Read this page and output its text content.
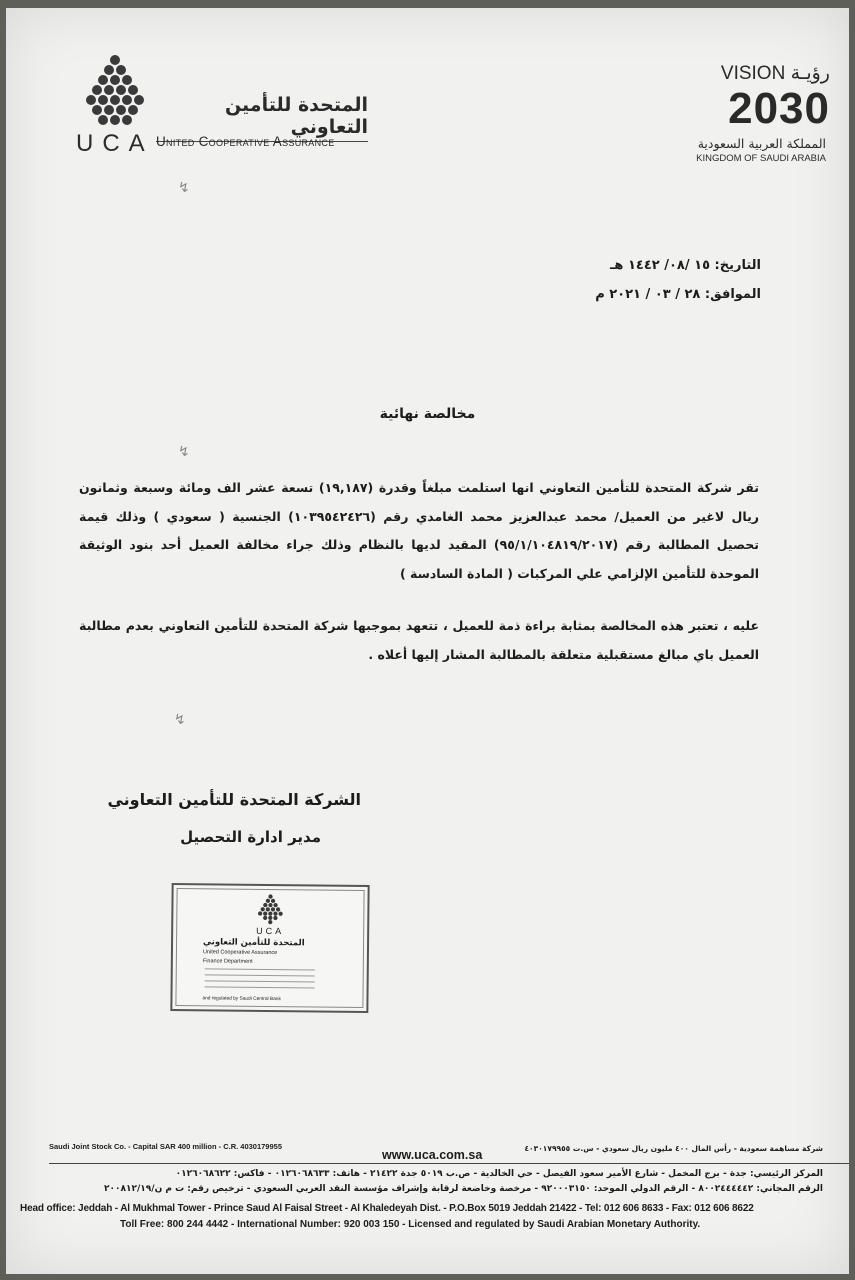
UCA
المتحدة للتأمين التعاوني
United Cooperative Assurance
VISION رؤيـة
2030
المملكة العربية السعودية
KINGDOM OF SAUDI ARABIA
التاريخ: ١٥ /٠٨/ ١٤٤٢ هـ
الموافق: ٢٨ / ٠٣ / ٢٠٢١ م
مخالصة نهائية
تقر شركة المتحدة للتأمين التعاوني انها استلمت مبلغاً وقدرة (١٩,١٨٧) تسعة عشر الف ومائة وسبعة وثمانون ريال لاغير من العميل/ محمد عبدالعزيز محمد الغامدي رقم (١٠٣٩٥٤٢٤٢٦) الجنسية ( سعودي ) وذلك قيمة تحصيل المطالبة رقم (٩٥/١/١٠٤٨١٩/٢٠١٧) المقيد لديها بالنظام وذلك جراء مخالفة العميل أحد بنود الوثيقة الموحدة للتأمين الإلزامي علي المركبات ( المادة السادسة )
عليه ، تعتبر هذه المخالصة بمثابة براءة ذمة للعميل ، تتعهد بموجبها شركة المتحدة للتأمين التعاوني بعدم مطالبة العميل باي مبالغ مستقبلية متعلقة بالمطالبة المشار إليها أعلاه .
الشركة المتحدة للتأمين التعاوني
مدير ادارة التحصيل
UCA
المتحدة للتأمين التعاوني
United Cooperative Assurance
Finance Department
and regulated by Saudi Central Bank
↯
↯
↯
Saudi Joint Stock Co. - Capital SAR 400 million - C.R. 4030179955
www.uca.com.sa	شركة مساهمة سعودية - رأس المال ٤٠٠ مليون ريال سعودي - س.ت ٤٠٣٠١٧٩٩٥٥
المركز الرئيسي: جدة - برج المخمل - شارع الأمير سعود الفيصل - حي الخالدية - ص.ب ٥٠١٩ جدة ٢١٤٢٢ - هاتف: ٠١٢٦٠٦٨٦٣٣ - فاكس: ٠١٢٦٠٦٨٦٢٢
الرقم المجاني: ٨٠٠٢٤٤٤٤٤٢ - الرقم الدولي الموحد: ٩٢٠٠٠٣١٥٠ - مرخصة وخاضعة لرقابة وإشراف مؤسسة النقد العربي السعودي - ترخيص رقم: ت م ن/٢٠٠٨١٢/١٩
Head office: Jeddah - Al Mukhmal Tower - Prince Saud Al Faisal Street - Al Khaledeyah Dist. - P.O.Box 5019 Jeddah 21422 - Tel: 012 606 8633 - Fax: 012 606 8622
Toll Free: 800 244 4442 - International Number: 920 003 150 - Licensed and regulated by Saudi Arabian Monetary Authority.
